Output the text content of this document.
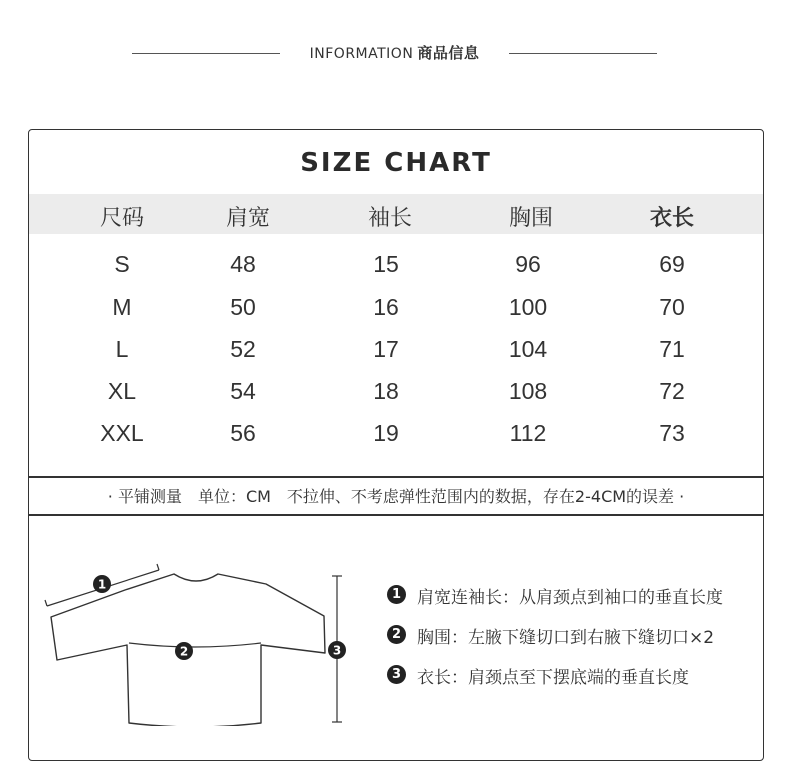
INFORMATION 商品信息
SIZE CHART
尺码	肩宽	袖长	胸围	衣长
S	48	15	96	69
M	50	16	100	70
L	52	17	104	71
XL	54	18	108	72
XXL	56	19	112	73
· 平铺测量　单位：CM　不拉伸、不考虑弹性范围内的数据，存在2-4CM的误差 ·
1
2	3
1 肩宽连袖长：从肩颈点到袖口的垂直长度
2 胸围：左腋下缝切口到右腋下缝切口×2
3 衣长：肩颈点至下摆底端的垂直长度
